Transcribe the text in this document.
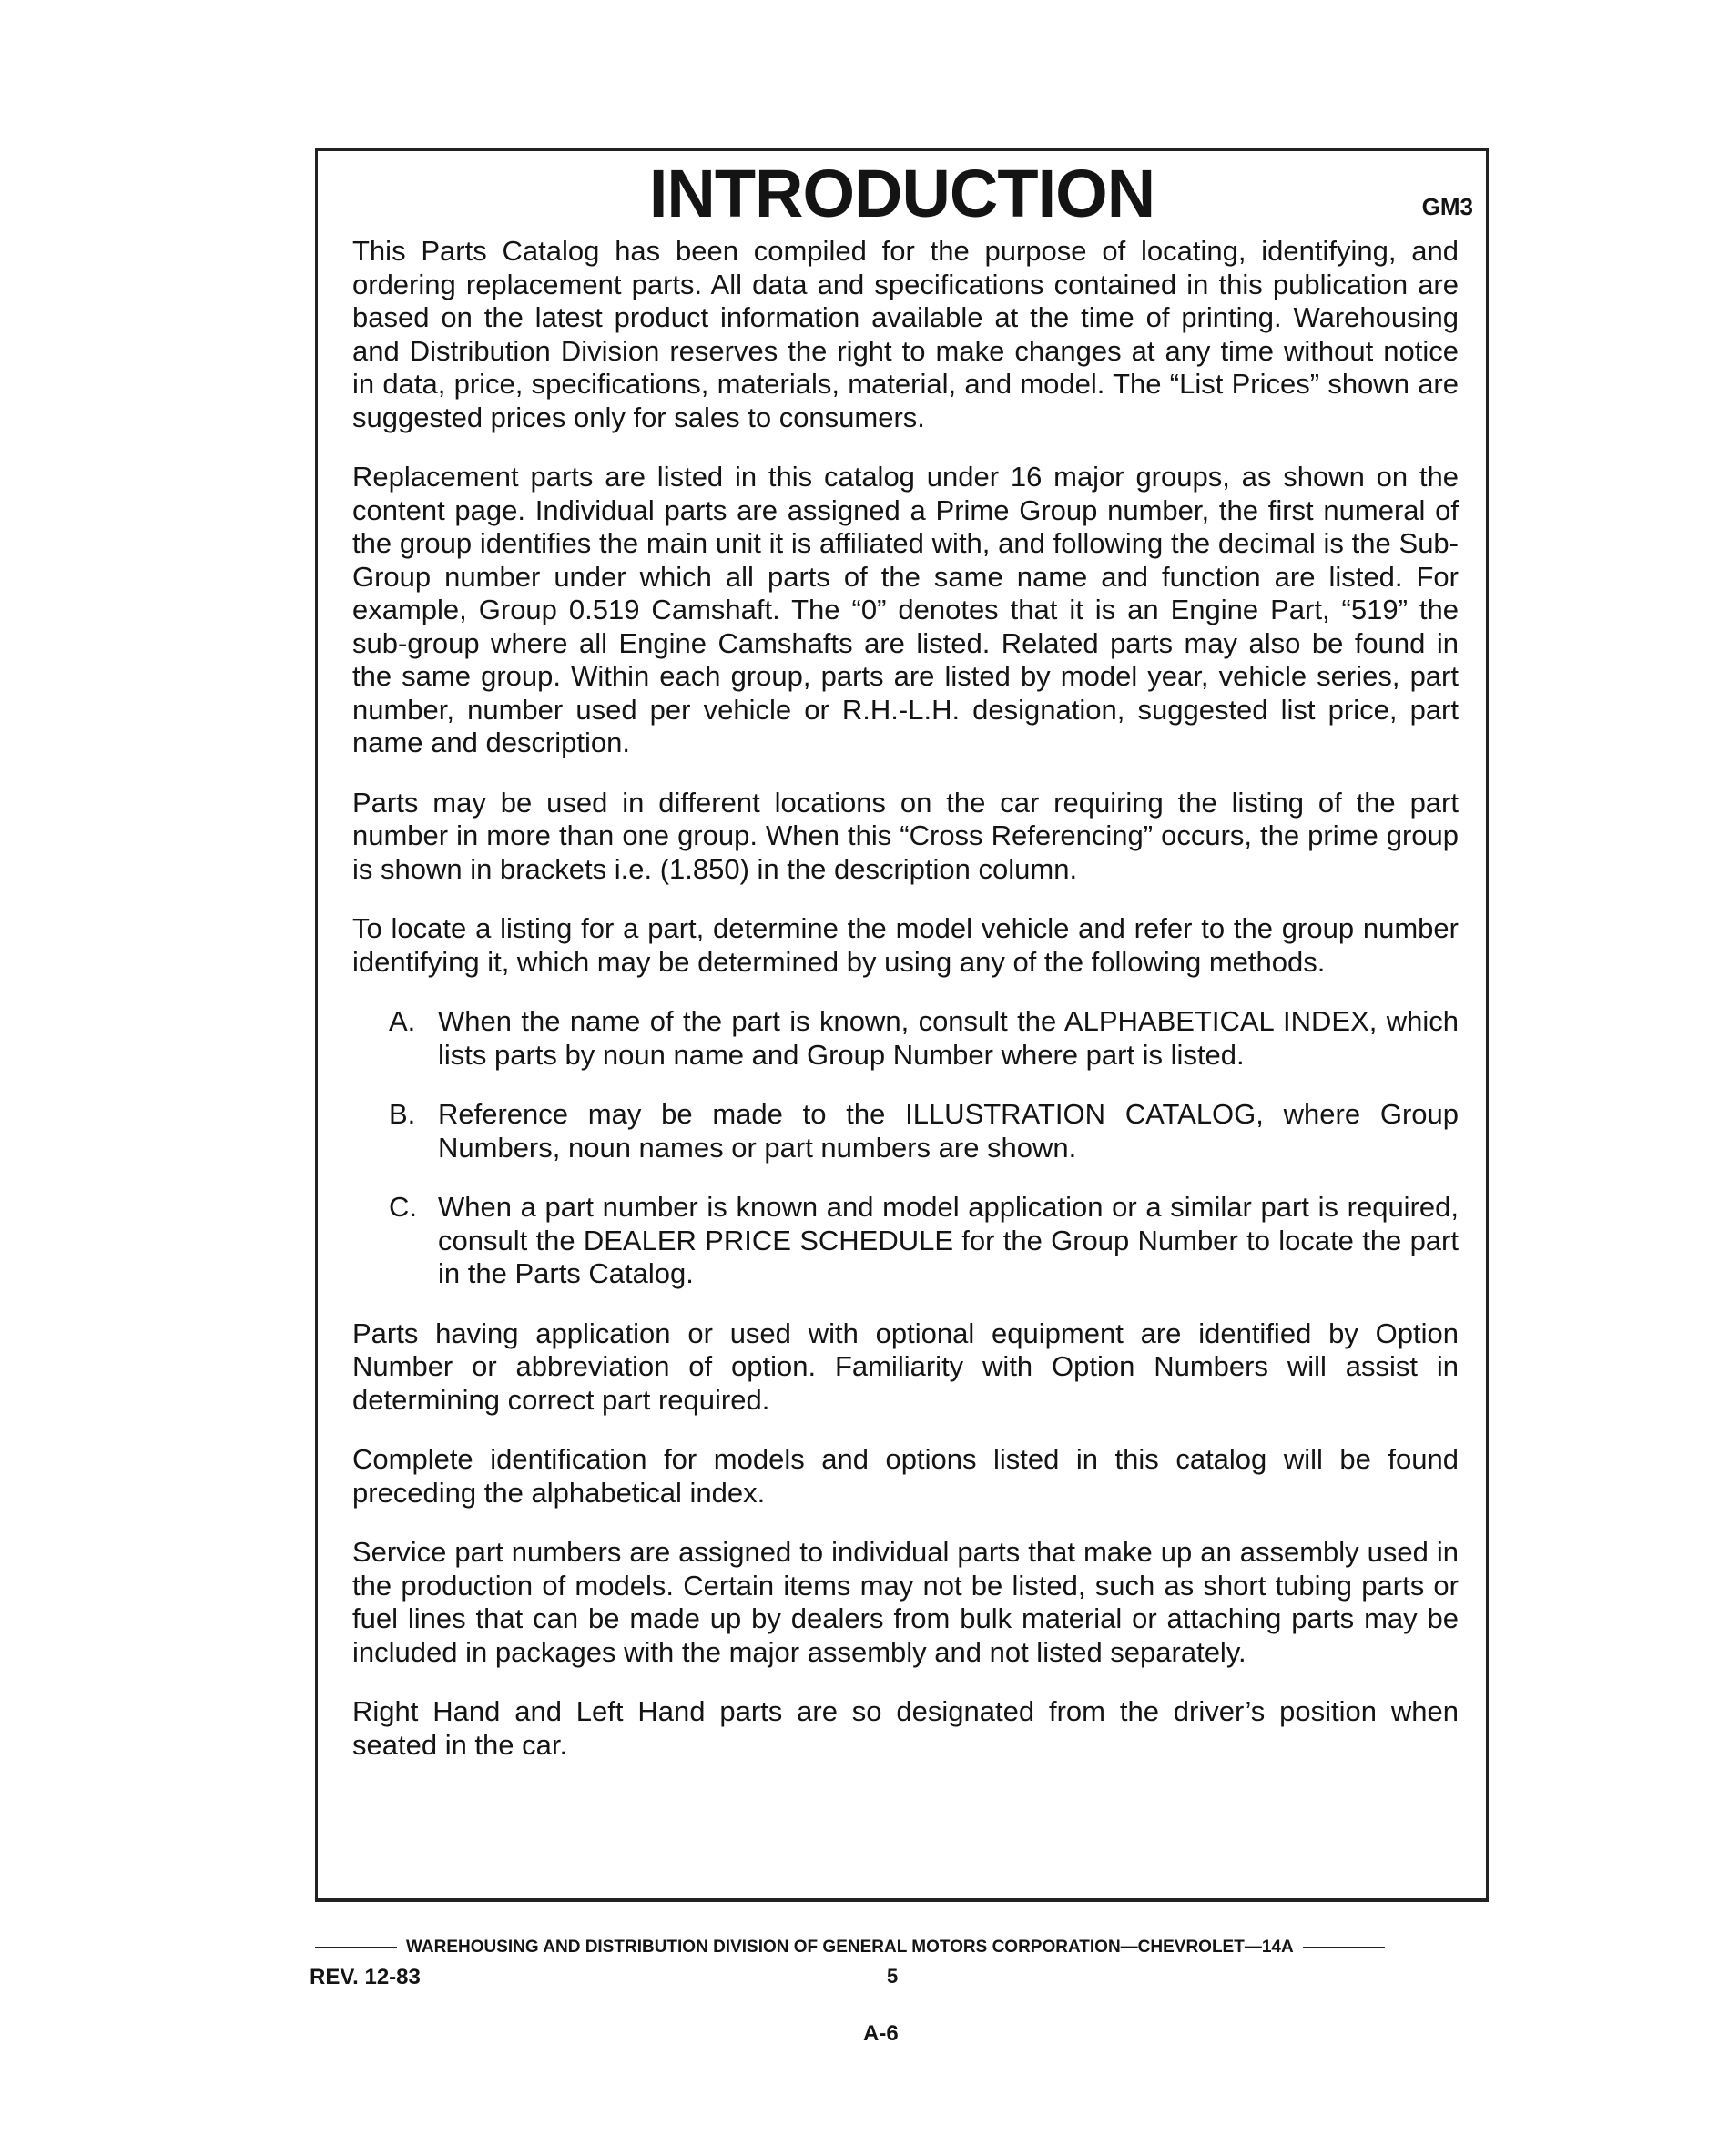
INTRODUCTION	GM3

This Parts Catalog has been compiled for the purpose of locating, identifying, and ordering replacement parts. All data and specifications contained in this publication are based on the latest product information available at the time of printing. Warehousing and Distribution Division reserves the right to make changes at any time without notice in data, price, specifications, materials, material, and model. The “List Prices” shown are suggested prices only for sales to consumers.

Replacement parts are listed in this catalog under 16 major groups, as shown on the content page. Individual parts are assigned a Prime Group number, the first numeral of the group identifies the main unit it is affiliated with, and following the decimal is the Sub-Group number under which all parts of the same name and function are listed. For example, Group 0.519 Camshaft. The “0” denotes that it is an Engine Part, “519” the sub-group where all Engine Camshafts are listed. Related parts may also be found in the same group. Within each group, parts are listed by model year, vehicle series, part number, number used per vehicle or R.H.-L.H. designation, suggested list price, part name and description.

Parts may be used in different locations on the car requiring the listing of the part number in more than one group. When this “Cross Referencing” occurs, the prime group is shown in brackets i.e. (1.850) in the description column.

To locate a listing for a part, determine the model vehicle and refer to the group number identifying it, which may be determined by using any of the following methods.

A. When the name of the part is known, consult the ALPHABETICAL INDEX, which lists parts by noun name and Group Number where part is listed.
B. Reference may be made to the ILLUSTRATION CATALOG, where Group Numbers, noun names or part numbers are shown.
C. When a part number is known and model application or a similar part is required, consult the DEALER PRICE SCHEDULE for the Group Number to locate the part in the Parts Catalog.

Parts having application or used with optional equipment are identified by Option Number or abbreviation of option. Familiarity with Option Numbers will assist in determining correct part required.

Complete identification for models and options listed in this catalog will be found preceding the alphabetical index.

Service part numbers are assigned to individual parts that make up an assembly used in the production of models. Certain items may not be listed, such as short tubing parts or fuel lines that can be made up by dealers from bulk material or attaching parts may be included in packages with the major assembly and not listed separately.

Right Hand and Left Hand parts are so designated from the driver’s position when seated in the car.

WAREHOUSING AND DISTRIBUTION DIVISION OF GENERAL MOTORS CORPORATION—CHEVROLET—14A
REV. 12-83	5
A-6
